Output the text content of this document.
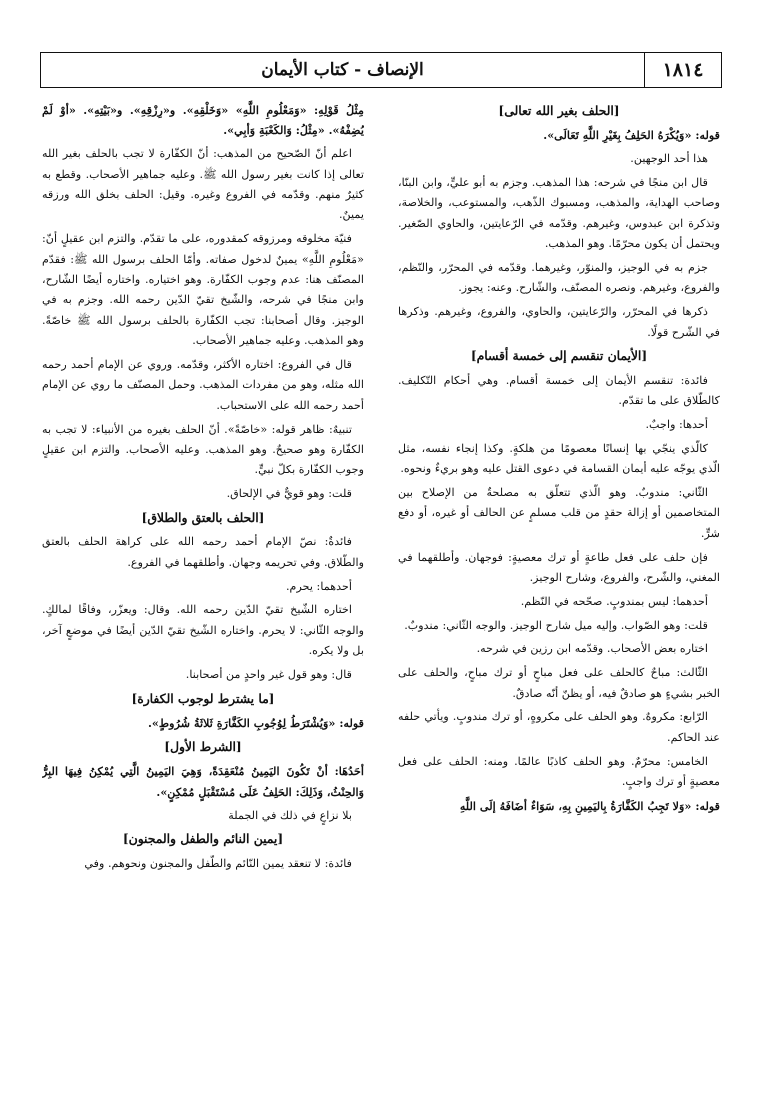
الإنصاف - كتاب الأيمان	١٨١٤

[الحلف بغير الله تعالى]

قوله: «وَيُكْرَهُ الحَلِفُ بِغَيْرِ اللَّهِ تَعَالَى».

هذا أحد الوجهين.

قال ابن منجًا في شرحه: هذا المذهب. وجزم به أبو عليٍّ، وابن البنّا، وصاحب الهداية، والمذهب، ومسبوك الذّهب، والمستوعب، والخلاصة، وتذكرة ابن عبدوس، وغيرهم. وقدّمه في الرّعايتين، والحاوي الصّغير. ويحتمل أن يكون محرّمًا. وهو المذهب.

جزم به في الوجيز، والمنوّر، وغيرهما. وقدّمه في المحرّر، والنّظم، والفروع، وغيرهم. ونصره المصنّف، والشّارح. وعنه: يجوز.

ذكرها في المحرّر، والرّعايتين، والحاوي، والفروع، وغيرهم. وذكرها في الشّرح قولًا.

[الأيمان تنقسم إلى خمسة أقسام]

فائدة: تنقسم الأيمان إلى خمسة أقسام. وهي أحكام التّكليف. كالطّلاق على ما تقدّم.

أحدها: واجبٌ.

كالّذي ينجّي بها إنسانًا معصومًا من هلكةٍ. وكذا إنجاء نفسه، مثل الّذي يوجّه عليه أيمان القسامة في دعوى القتل عليه وهو بريءٌ ونحوه.

الثّاني: مندوبٌ. وهو الّذي تتعلّق به مصلحةٌ من الإصلاح بين المتخاصمين أو إزالة حقدٍ من قلب مسلمٍ عن الحالف أو غيره، أو دفع شرٍّ.

فإن حلف على فعل طاعةٍ أو ترك معصيةٍ: فوجهان. وأطلقهما في المغني، والشّرح، والفروع، وشارح الوجيز.

أحدهما: ليس بمندوبٍ. صحّحه في النّظم.

قلت: وهو الصّواب. وإليه ميل شارح الوجيز. والوجه الثّاني: مندوبٌ.

اختاره بعض الأصحاب. وقدّمه ابن رزين في شرحه.

الثّالث: مباحٌ كالحلف على فعل مباحٍ أو ترك مباحٍ، والحلف على الخبر بشيءٍ هو صادقٌ فيه، أو يظنّ أنّه صادقٌ.

الرّابع: مكروهٌ. وهو الحلف على مكروهٍ، أو ترك مندوبٍ. ويأتي حلفه عند الحاكم.

الخامس: محرّمٌ. وهو الحلف كاذبًا عالمًا. ومنه: الحلف على فعل معصيةٍ أو ترك واجبٍ.

قوله: «وَلا تَجِبُ الكَفَّارَةُ بِاليَمِينِ بِهِ، سَوَاءٌ أضَافَهُ إلَى اللَّهِ

مِثْلُ قَوْلِهِ: «وَمَعْلُومِ اللَّهِ» «وَخَلْقِهِ». و«رِزْقِهِ». و«بَيْتِهِ». «أوْ لَمْ يُضِفْهُ». «مِثْلُ: وَالكَعْبَةِ وَأبِي».

اعلم أنّ الصّحيح من المذهب: أنّ الكفّارة لا تجب بالحلف بغير الله تعالى إذا كانت بغير رسول الله ﷺ. وعليه جماهير الأصحاب. وقطع به كثيرٌ منهم. وقدّمه في الفروع وغيره. وقيل: الحلف بخلق الله ورزقه يمينٌ.

فنيّة مخلوقه ومرزوقه كمقدوره، على ما تقدّم. والتزم ابن عقيلٍ أنّ: «مَعْلُومِ اللَّهِ» يمينٌ لدخول صفاته. وأمّا الحلف برسول الله ﷺ: فقدّم المصنّف هنا: عدم وجوب الكفّارة. وهو اختياره. واختاره أيضًا الشّارح، وابن منجًا في شرحه، والشّيخ تقيّ الدّين رحمه الله. وجزم به في الوجيز. وقال أصحابنا: تجب الكفّارة بالحلف برسول الله ﷺ خاصّةً. وهو المذهب. وعليه جماهير الأصحاب.

قال في الفروع: اختاره الأكثر، وقدّمه. وروي عن الإمام أحمد رحمه الله مثله، وهو من مفردات المذهب. وحمل المصنّف ما روي عن الإمام أحمد رحمه الله على الاستحباب.

تنبيهٌ: ظاهر قوله: «خاصّةً». أنّ الحلف بغيره من الأنبياء: لا تجب به الكفّارة وهو صحيحٌ. وهو المذهب. وعليه الأصحاب. والتزم ابن عقيلٍ وجوب الكفّارة بكلّ نبيٍّ.

قلت: وهو قويٌّ في الإلحاق.

[الحلف بالعتق والطلاق]

فائدةٌ: نصّ الإمام أحمد رحمه الله على كراهة الحلف بالعتق والطّلاق. وفي تحريمه وجهان. وأطلقهما في الفروع.

أحدهما: يحرم.

اختاره الشّيخ تقيّ الدّين رحمه الله. وقال: ويعزّر، وفاقًا لمالكٍ. والوجه الثّاني: لا يحرم. واختاره الشّيخ تقيّ الدّين أيضًا في موضعٍ آخر، بل ولا يكره.

قال: وهو قول غير واحدٍ من أصحابنا.

[ما يشترط لوجوب الكفارة]

قوله: «وَيُشْتَرَطُ لِوُجُوبِ الكَفَّارَةِ ثَلاثَةُ شُرُوطٍ».

[الشرط الأول]

أحَدُهَا: أنْ تَكُونَ اليَمِينُ مُنْعَقِدَةً، وَهِيَ اليَمِينُ الَّتِي يُمْكِنُ فِيهَا البِرُّ وَالحِنْثُ، وَذَلِكَ: الحَلِفُ عَلَى مُسْتَقْبَلٍ مُمْكِنٍ».

بلا نزاعٍ في ذلك في الجملة

[يمين النائم والطفل والمجنون]

فائدة: لا تنعقد يمين النّائم والطّفل والمجنون ونحوهم. وفي
